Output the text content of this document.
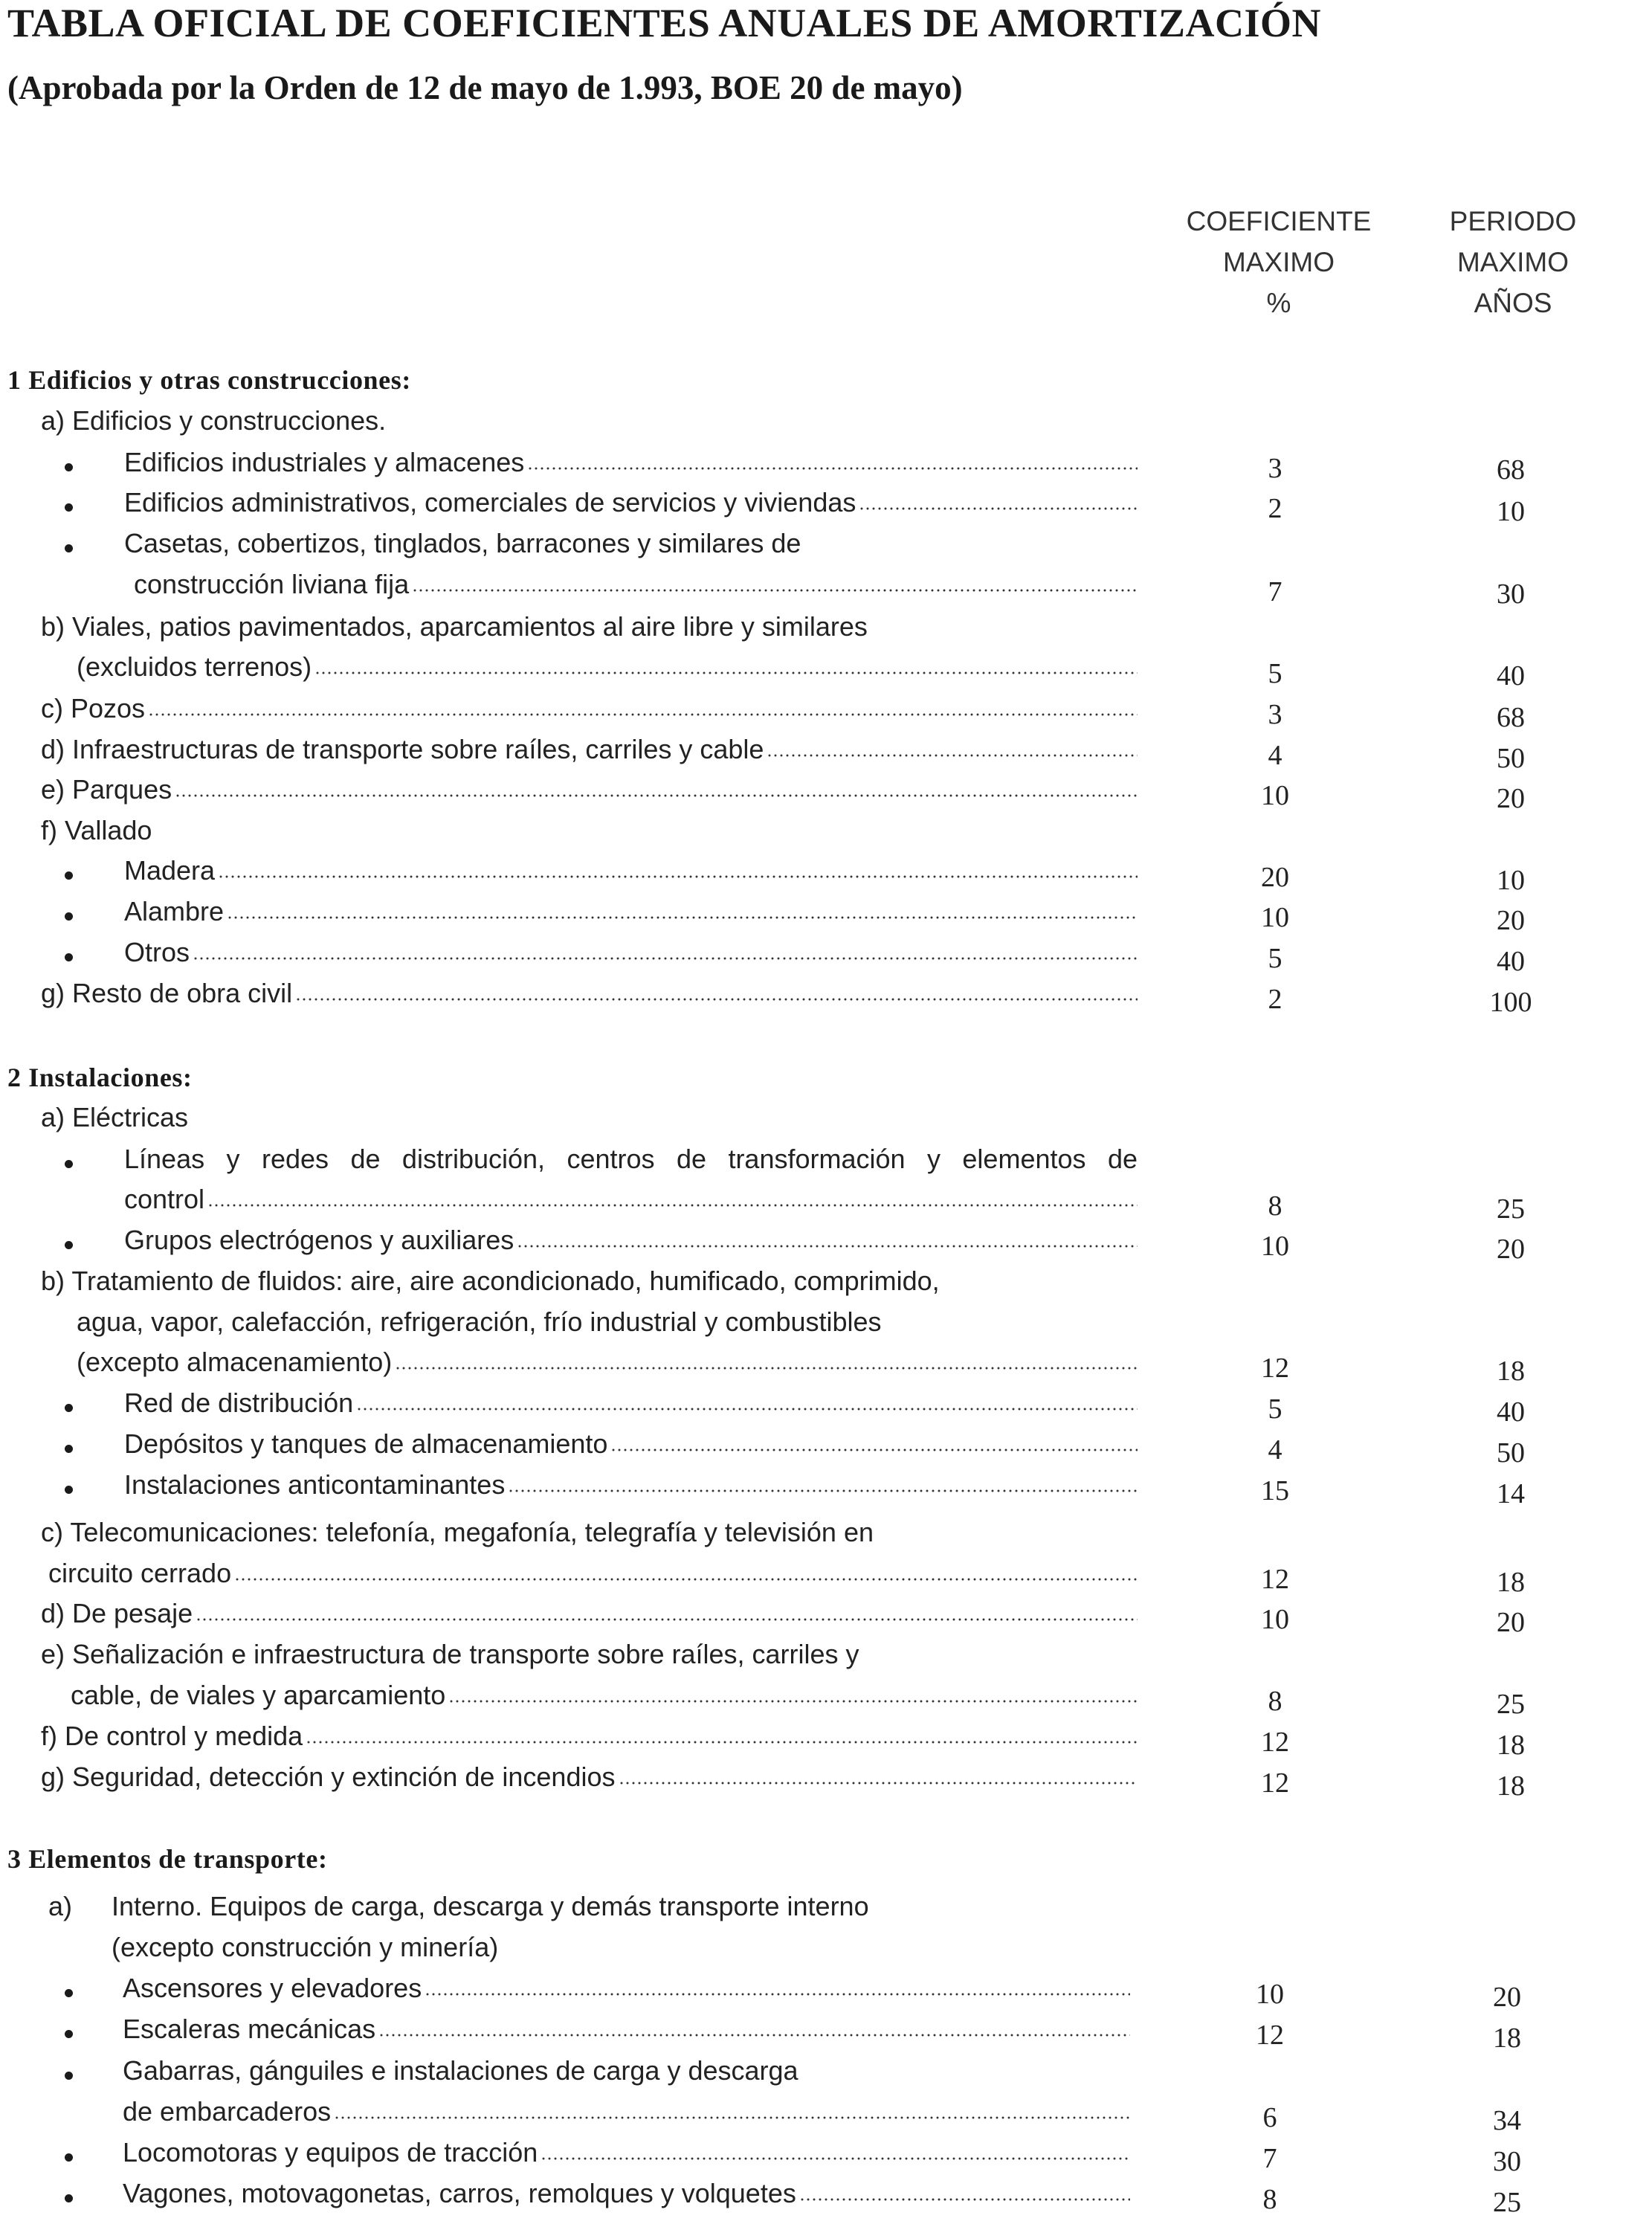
TABLA OFICIAL DE COEFICIENTES ANUALES DE AMORTIZACIÓN
(Aprobada por la Orden de 12 de mayo de 1.993, BOE 20 de mayo)
COEFICIENTE
MAXIMO
%
PERIODO
MAXIMO
AÑOS
1 Edificios y otras construcciones:
a) Edificios y construcciones.
Edificios industriales y almacenes	3	68
Edificios administrativos, comerciales de servicios y viviendas	2	10
Casetas, cobertizos, tinglados, barracones y similares de
construcción liviana fija	7	30
b) Viales, patios pavimentados, aparcamientos al aire libre y similares
(excluidos terrenos)	5	40
c) Pozos	3	68
d) Infraestructuras de transporte sobre raíles, carriles y cable	4	50
e) Parques	10	20
f) Vallado
Madera	20	10
Alambre	10	20
Otros	5	40
g) Resto de obra civil	2	100
2 Instalaciones:
a) Eléctricas
Líneas y redes de distribución, centros de transformación y elementos de
control	8	25
Grupos electrógenos y auxiliares	10	20
b) Tratamiento de fluidos: aire, aire acondicionado, humificado, comprimido,
agua, vapor, calefacción, refrigeración, frío industrial y combustibles
(excepto almacenamiento)	12	18
Red de distribución	5	40
Depósitos y tanques de almacenamiento	4	50
Instalaciones anticontaminantes	15	14
c) Telecomunicaciones: telefonía, megafonía, telegrafía y televisión en
circuito cerrado	12	18
d) De pesaje	10	20
e) Señalización e infraestructura de transporte sobre raíles, carriles y
cable, de viales y aparcamiento	8	25
f) De control y medida	12	18
g) Seguridad, detección y extinción de incendios	12	18
3 Elementos de transporte:
a) Interno. Equipos de carga, descarga y demás transporte interno
(excepto construcción y minería)
Ascensores y elevadores	10	20
Escaleras mecánicas	12	18
Gabarras, gánguiles e instalaciones de carga y descarga
de embarcaderos	6	34
Locomotoras y equipos de tracción	7	30
Vagones, motovagonetas, carros, remolques y volquetes	8	25
